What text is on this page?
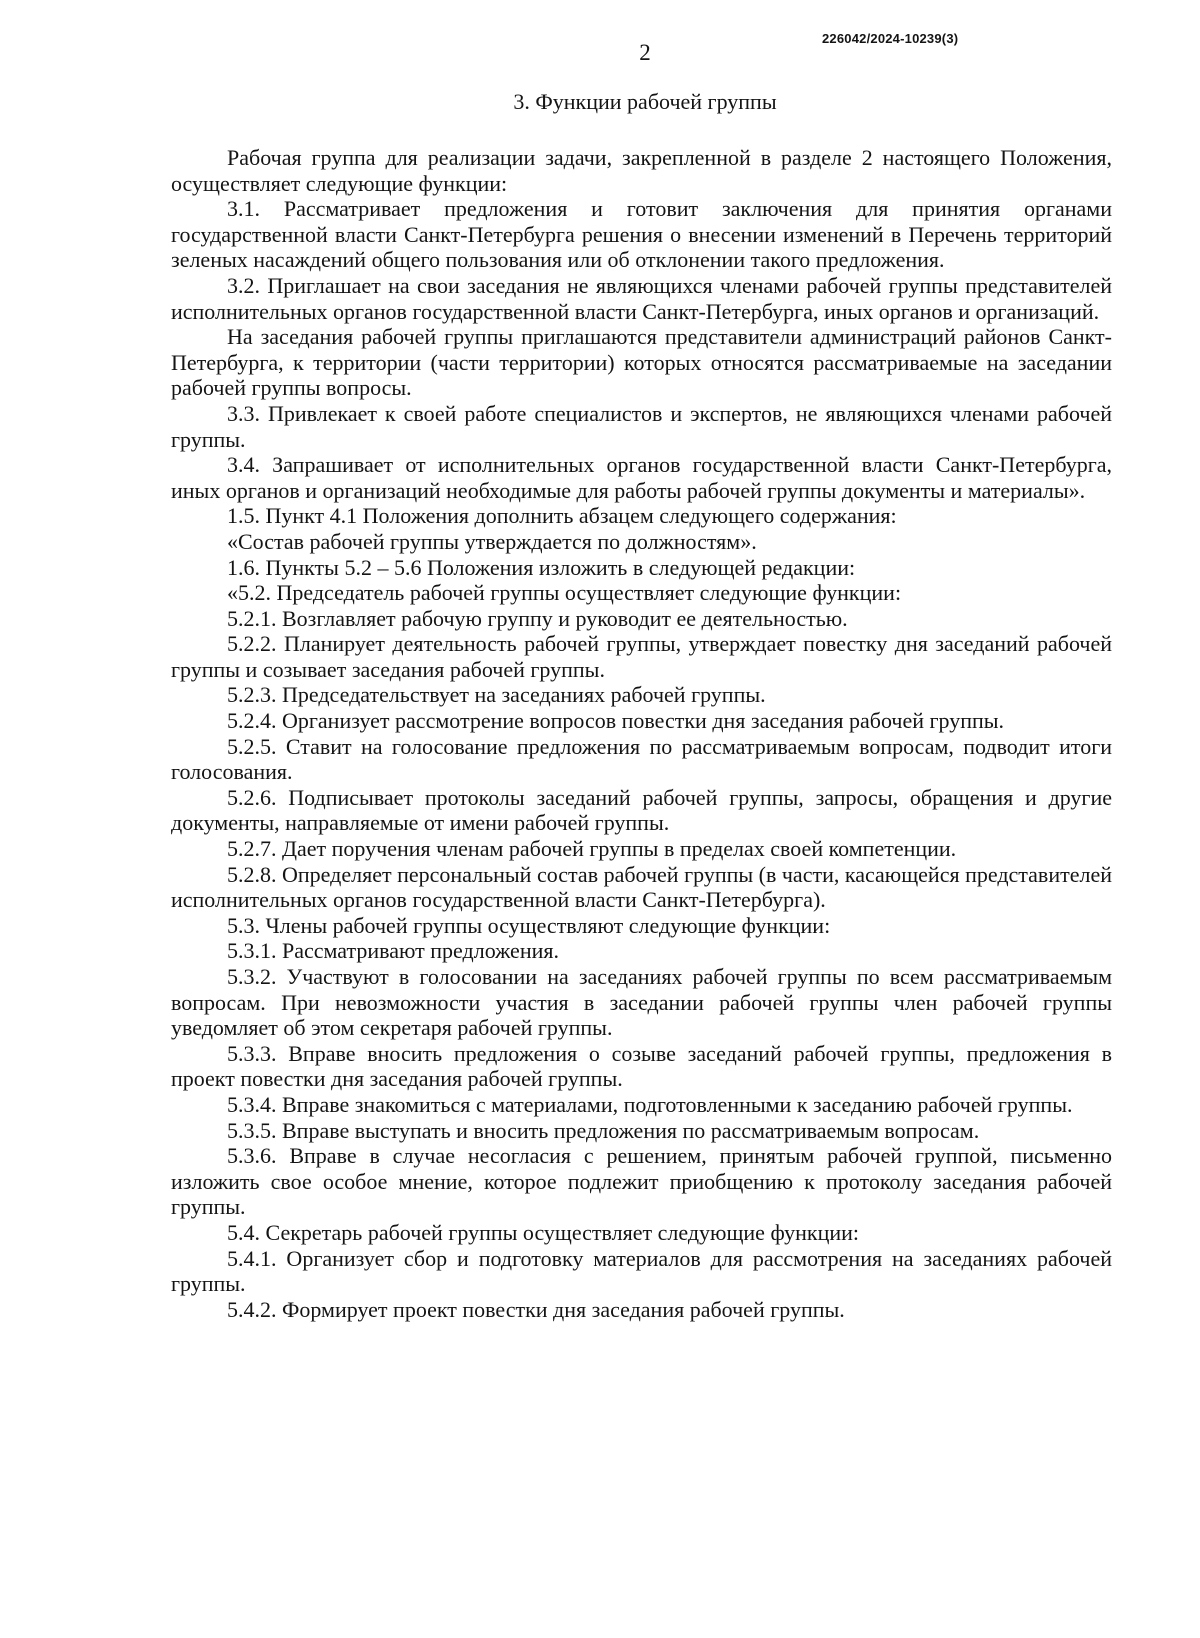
226042/2024-10239(3)
2
3. Функции рабочей группы

Рабочая группа для реализации задачи, закрепленной в разделе 2 настоящего Положения, осуществляет следующие функции:

3.1. Рассматривает предложения и готовит заключения для принятия органами государственной власти Санкт-Петербурга решения о внесении изменений в Перечень территорий зеленых насаждений общего пользования или об отклонении такого предложения.

3.2. Приглашает на свои заседания не являющихся членами рабочей группы представителей исполнительных органов государственной власти Санкт-Петербурга, иных органов и организаций.

На заседания рабочей группы приглашаются представители администраций районов Санкт-Петербурга, к территории (части территории) которых относятся рассматриваемые на заседании рабочей группы вопросы.

3.3. Привлекает к своей работе специалистов и экспертов, не являющихся членами рабочей группы.

3.4. Запрашивает от исполнительных органов государственной власти Санкт-Петербурга, иных органов и организаций необходимые для работы рабочей группы документы и материалы».

1.5. Пункт 4.1 Положения дополнить абзацем следующего содержания:

«Состав рабочей группы утверждается по должностям».

1.6. Пункты 5.2 – 5.6 Положения изложить в следующей редакции:

«5.2. Председатель рабочей группы осуществляет следующие функции:

5.2.1. Возглавляет рабочую группу и руководит ее деятельностью.

5.2.2. Планирует деятельность рабочей группы, утверждает повестку дня заседаний рабочей группы и созывает заседания рабочей группы.

5.2.3. Председательствует на заседаниях рабочей группы.

5.2.4. Организует рассмотрение вопросов повестки дня заседания рабочей группы.

5.2.5. Ставит на голосование предложения по рассматриваемым вопросам, подводит итоги голосования.

5.2.6. Подписывает протоколы заседаний рабочей группы, запросы, обращения и другие документы, направляемые от имени рабочей группы.

5.2.7. Дает поручения членам рабочей группы в пределах своей компетенции.

5.2.8. Определяет персональный состав рабочей группы (в части, касающейся представителей исполнительных органов государственной власти Санкт-Петербурга).

5.3. Члены рабочей группы осуществляют следующие функции:

5.3.1. Рассматривают предложения.

5.3.2. Участвуют в голосовании на заседаниях рабочей группы по всем рассматриваемым вопросам. При невозможности участия в заседании рабочей группы член рабочей группы уведомляет об этом секретаря рабочей группы.

5.3.3. Вправе вносить предложения о созыве заседаний рабочей группы, предложения в проект повестки дня заседания рабочей группы.

5.3.4. Вправе знакомиться с материалами, подготовленными к заседанию рабочей группы.

5.3.5. Вправе выступать и вносить предложения по рассматриваемым вопросам.

5.3.6. Вправе в случае несогласия с решением, принятым рабочей группой, письменно изложить свое особое мнение, которое подлежит приобщению к протоколу заседания рабочей группы.

5.4. Секретарь рабочей группы осуществляет следующие функции:

5.4.1. Организует сбор и подготовку материалов для рассмотрения на заседаниях рабочей группы.

5.4.2. Формирует проект повестки дня заседания рабочей группы.
